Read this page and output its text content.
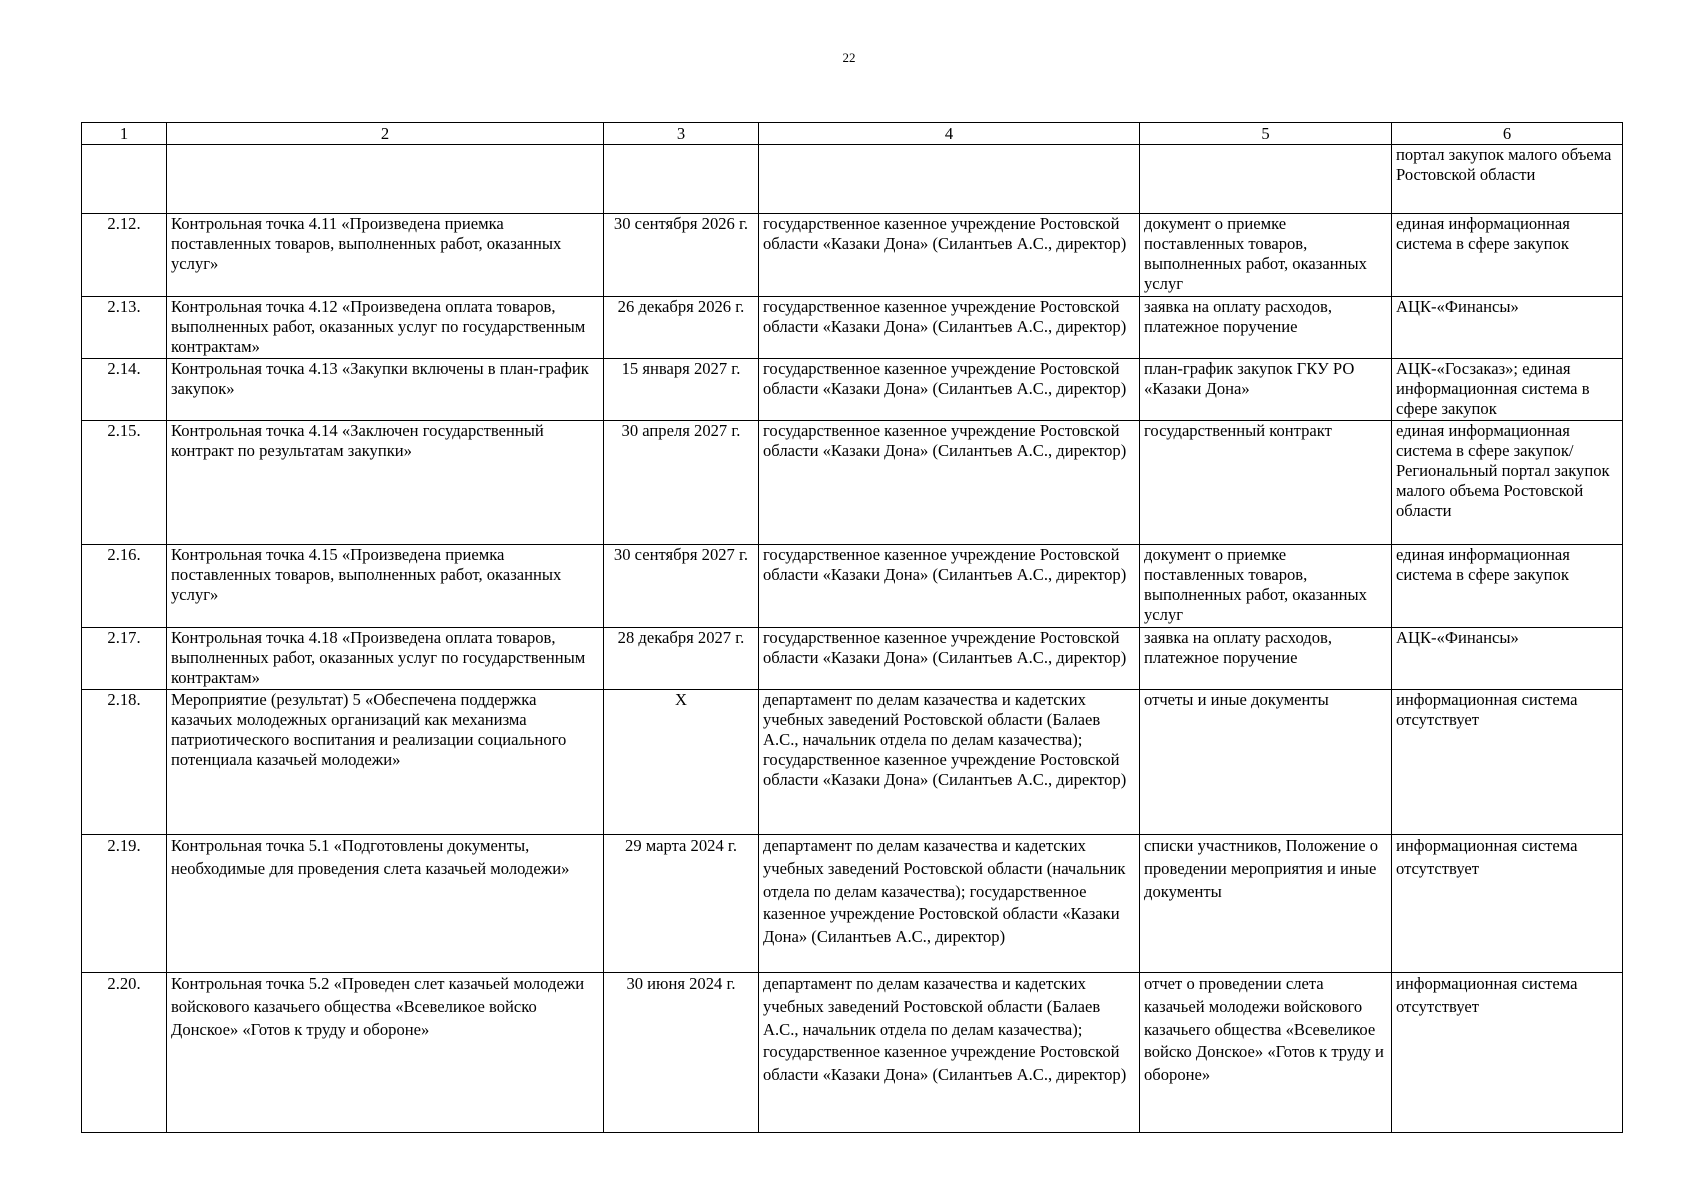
22
1	2	3	4	5	6
					портал закупок малого объема Ростовской области
2.12.	Контрольная точка 4.11 «Произведена приемка поставленных товаров, выполненных работ, оказанных услуг»	30 сентября 2026 г.	государственное казенное учреждение Ростовской области «Казаки Дона» (Силантьев А.С., директор)	документ о приемке поставленных товаров, выполненных работ, оказанных услуг	единая информационная система в сфере закупок
2.13.	Контрольная точка 4.12 «Произведена оплата товаров, выполненных работ, оказанных услуг по государственным контрактам»	26 декабря 2026 г.	государственное казенное учреждение Ростовской области «Казаки Дона» (Силантьев А.С., директор)	заявка на оплату расходов, платежное поручение	АЦК-«Финансы»
2.14.	Контрольная точка 4.13 «Закупки включены в план-график закупок»	15 января 2027 г.	государственное казенное учреждение Ростовской области «Казаки Дона» (Силантьев А.С., директор)	план-график закупок ГКУ РО «Казаки Дона»	АЦК-«Госзаказ»; единая информационная система в сфере закупок
2.15.	Контрольная точка 4.14 «Заключен государственный контракт по результатам закупки»	30 апреля 2027 г.	государственное казенное учреждение Ростовской области «Казаки Дона» (Силантьев А.С., директор)	государственный контракт	единая информационная система в сфере закупок/Региональный портал закупок малого объема Ростовской области
2.16.	Контрольная точка 4.15 «Произведена приемка поставленных товаров, выполненных работ, оказанных услуг»	30 сентября 2027 г.	государственное казенное учреждение Ростовской области «Казаки Дона» (Силантьев А.С., директор)	документ о приемке поставленных товаров, выполненных работ, оказанных услуг	единая информационная система в сфере закупок
2.17.	Контрольная точка 4.18 «Произведена оплата товаров, выполненных работ, оказанных услуг по государственным контрактам»	28 декабря 2027 г.	государственное казенное учреждение Ростовской области «Казаки Дона» (Силантьев А.С., директор)	заявка на оплату расходов, платежное поручение	АЦК-«Финансы»
2.18.	Мероприятие (результат) 5 «Обеспечена поддержка казачьих молодежных организаций как механизма патриотического воспитания и реализации социального потенциала казачьей молодежи»	X	департамент по делам казачества и кадетских учебных заведений Ростовской области (Балаев А.С., начальник отдела по делам казачества); государственное казенное учреждение Ростовской области «Казаки Дона» (Силантьев А.С., директор)	отчеты и иные документы	информационная система отсутствует
2.19.	Контрольная точка 5.1 «Подготовлены документы, необходимые для проведения слета казачьей молодежи»	29 марта 2024 г.	департамент по делам казачества и кадетских учебных заведений Ростовской области (начальник отдела по делам казачества); государственное казенное учреждение Ростовской области «Казаки Дона» (Силантьев А.С., директор)	списки участников, Положение о проведении мероприятия и иные документы	информационная система отсутствует
2.20.	Контрольная точка 5.2 «Проведен слет казачьей молодежи войскового казачьего общества «Всевеликое войско Донское» «Готов к труду и обороне»	30 июня 2024 г.	департамент по делам казачества и кадетских учебных заведений Ростовской области (Балаев А.С., начальник отдела по делам казачества); государственное казенное учреждение Ростовской области «Казаки Дона» (Силантьев А.С., директор)	отчет о проведении слета казачьей молодежи войскового казачьего общества «Всевеликое войско Донское» «Готов к труду и обороне»	информационная система отсутствует
